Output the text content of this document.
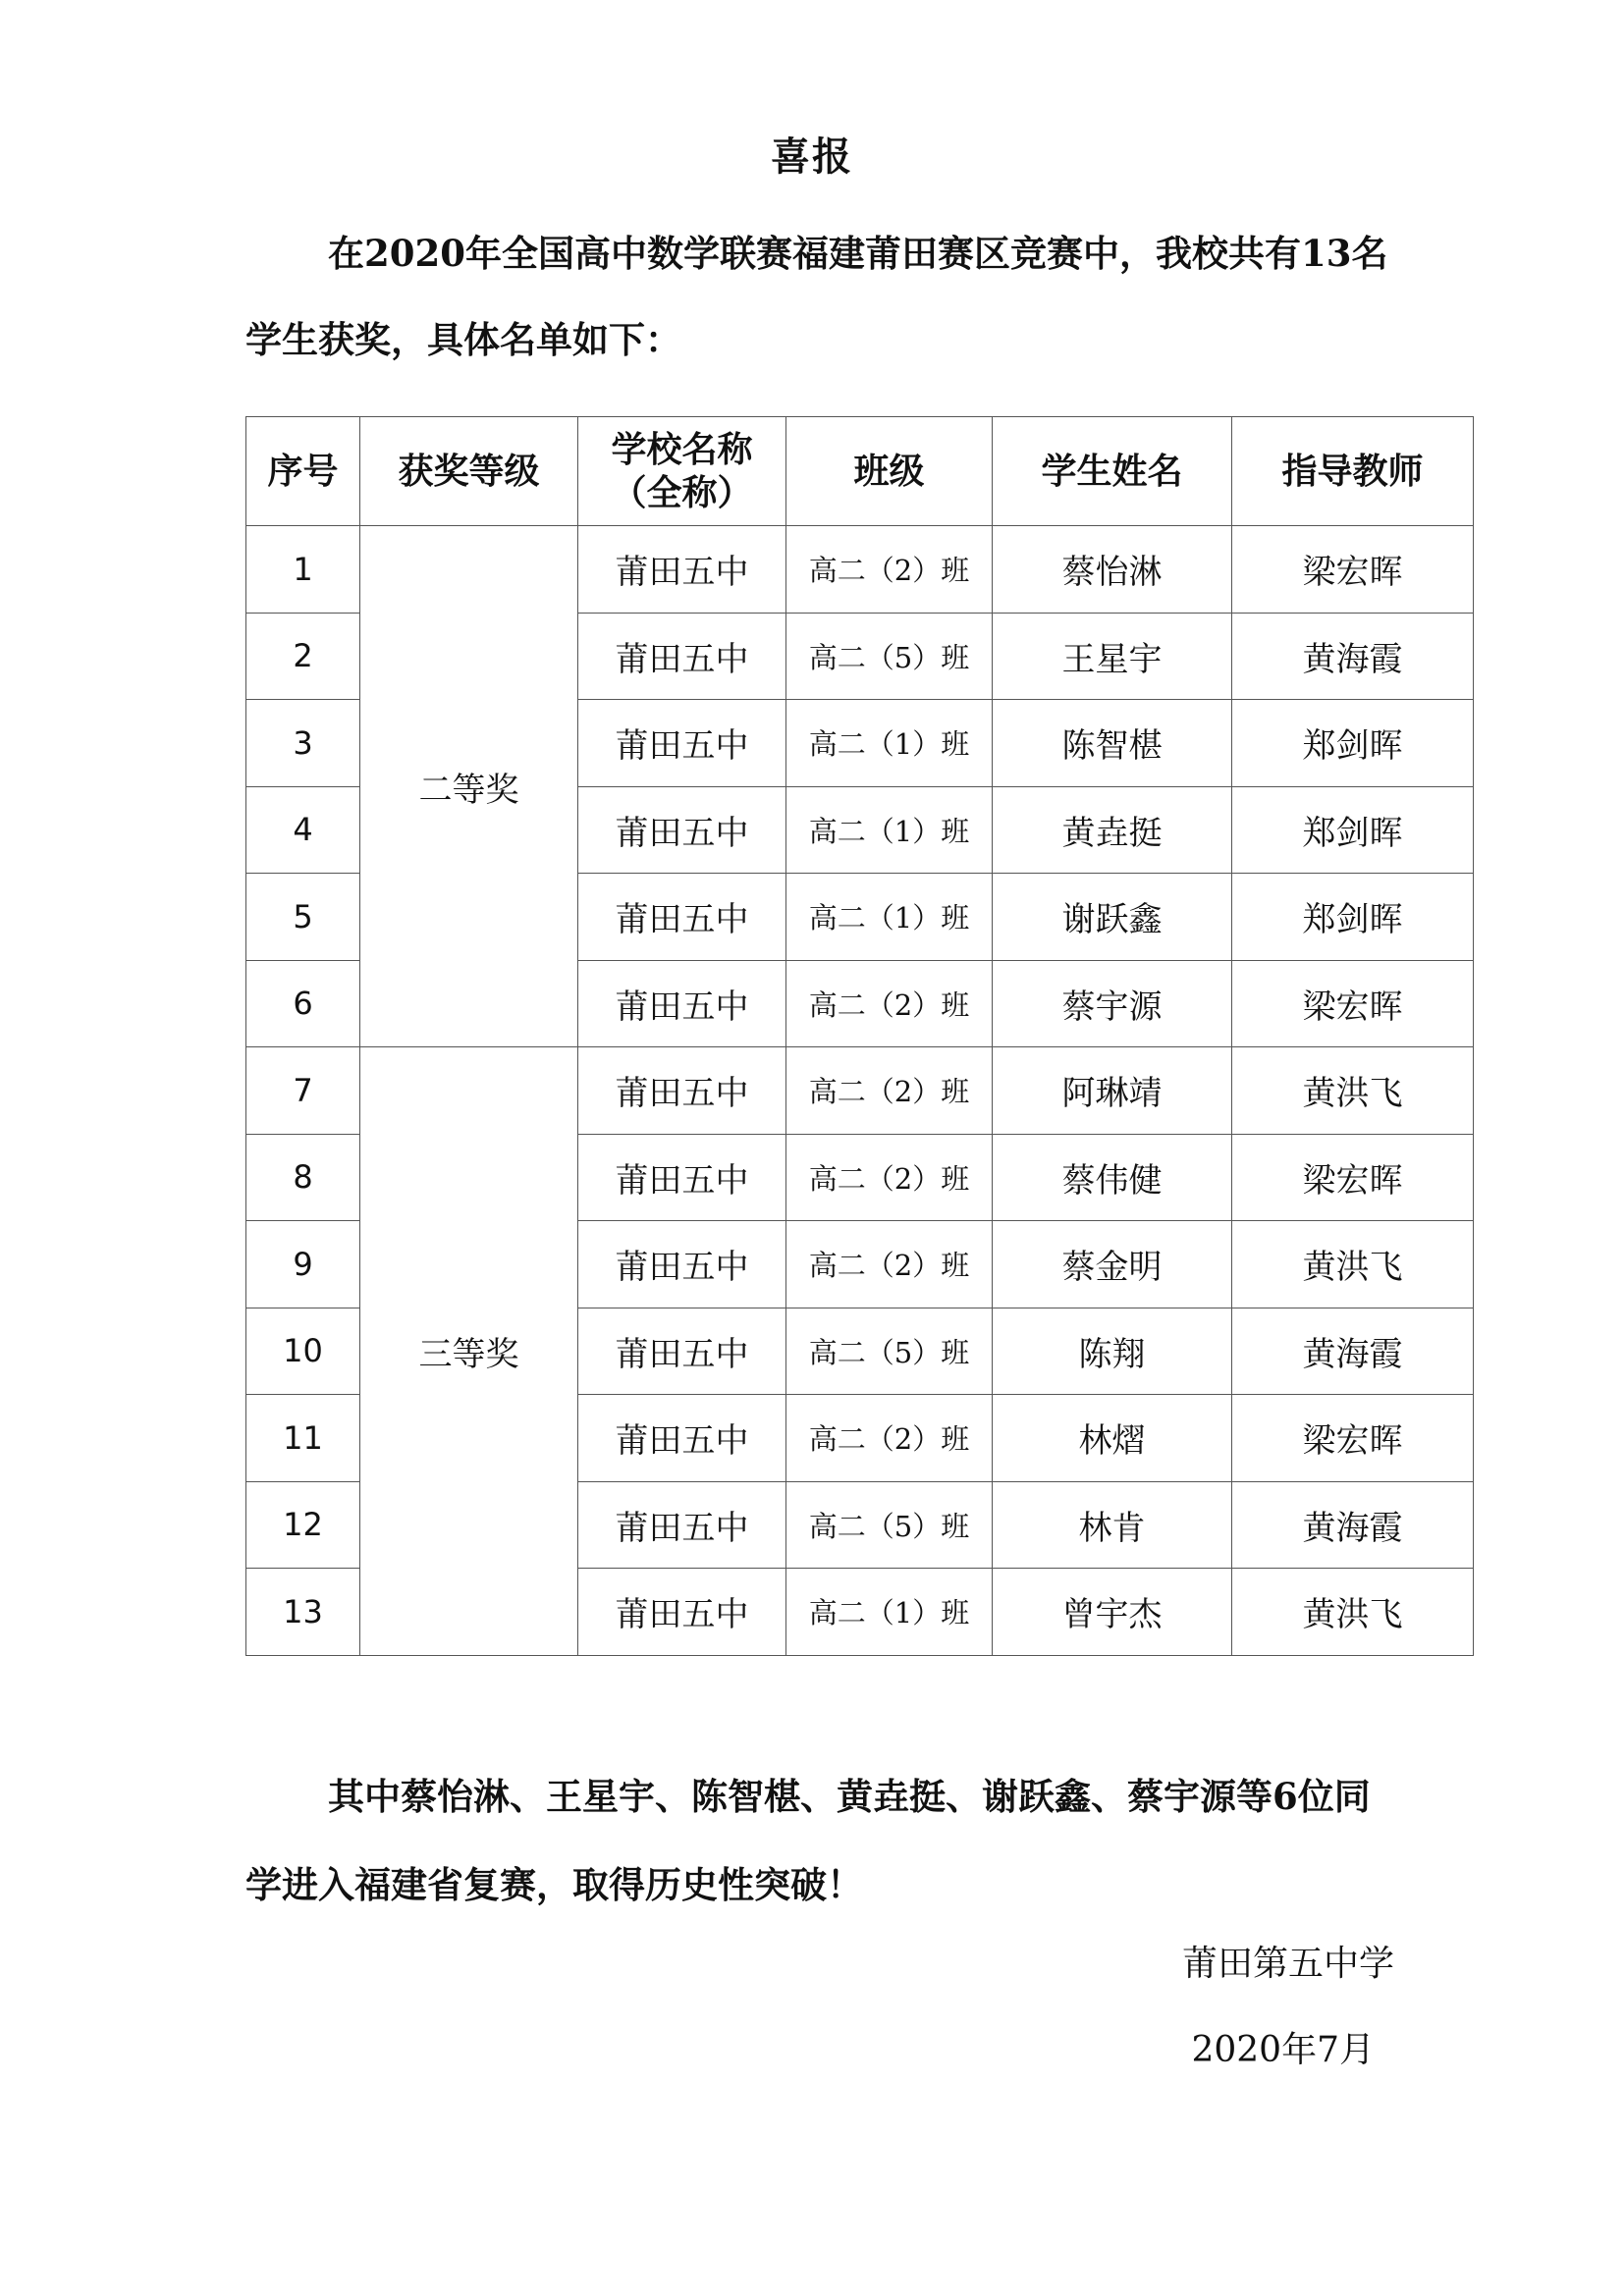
喜报

在2020年全国高中数学联赛福建莆田赛区竞赛中，我校共有13名学生获奖，具体名单如下：

序号	获奖等级	学校名称（全称）	班级	学生姓名	指导教师
1	二等奖	莆田五中	高二（2）班	蔡怡淋	梁宏晖
2		莆田五中	高二（5）班	王星宇	黄海霞
3		莆田五中	高二（1）班	陈智椹	郑剑晖
4		莆田五中	高二（1）班	黄垚挺	郑剑晖
5		莆田五中	高二（1）班	谢跃鑫	郑剑晖
6		莆田五中	高二（2）班	蔡宇源	梁宏晖
7	三等奖	莆田五中	高二（2）班	阿琳靖	黄洪飞
8		莆田五中	高二（2）班	蔡伟健	梁宏晖
9		莆田五中	高二（2）班	蔡金明	黄洪飞
10		莆田五中	高二（5）班	陈翔	黄海霞
11		莆田五中	高二（2）班	林熠	梁宏晖
12		莆田五中	高二（5）班	林肯	黄海霞
13		莆田五中	高二（1）班	曾宇杰	黄洪飞

其中蔡怡淋、王星宇、陈智椹、黄垚挺、谢跃鑫、蔡宇源等6位同学进入福建省复赛，取得历史性突破！

莆田第五中学
2020年7月
